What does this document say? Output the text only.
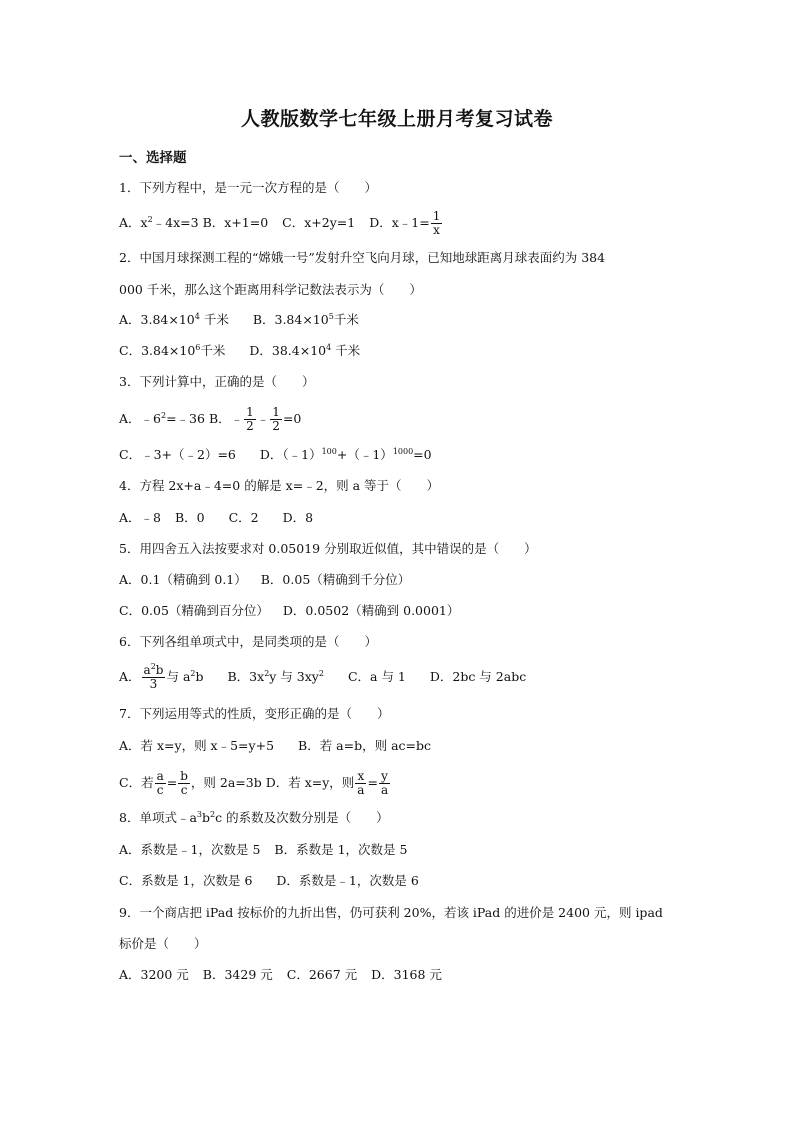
人教版数学七年级上册月考复习试卷
一、选择题
1．下列方程中，是一元一次方程的是（　　）
A．$x^2﹣4x=3$ B．x+1=0 C．x+2y=1 D．x﹣1= $\frac{1}{x}$
2．中国月球探测工程的“嫦娥一号”发射升空飞向月球，已知地球距离月球表面约为 384
000 千米，那么这个距离用科学记数法表示为（　　）
A．$3.84\times 10^4$ 千米 B．$3.84\times 10^5$千米
C．$3.84\times 10^6$千米 D．$38.4\times 10^4$ 千米
3．下列计算中，正确的是（　　）
A．$﹣6^2=﹣36$ B．﹣ $\frac{1}{2}$ ﹣ $\frac{1}{2} =0$
C．﹣3+（﹣2）=6 D．（﹣1）$^{100}$+（﹣1）$^{1000}$=0
4．方程 2x+a﹣4=0 的解是 x=﹣2，则 a 等于（　　）
A．﹣8 B．0 C．2 D．8
5．用四舍五入法按要求对 0.05019 分别取近似值，其中错误的是（　　）
A．0.1（精确到 0.1） B．0.05（精确到千分位）
C．0.05（精确到百分位） D．0.0502（精确到 0.0001）
6．下列各组单项式中，是同类项的是（　　）
A． $\frac{a^2b}{3}$ 与 $a^2b$ B．$3x^2y$ 与 $3xy^2$ C．a 与 1 D．2bc 与 2abc
7．下列运用等式的性质，变形正确的是（　　）
A．若 x=y，则 x﹣5=y+5 B．若 a=b，则 ac=bc
C．若 $\frac{a}{c} = \frac{b}{c}$ ，则 2a=3b D．若 x=y，则 $\frac{x}{a} = \frac{y}{a}$
8．单项式$﹣a^3b^2c$ 的系数及次数分别是（　　）
A．系数是﹣1，次数是 5 B．系数是 1，次数是 5
C．系数是 1，次数是 6 D．系数是﹣1，次数是 6
9．一个商店把 iPad 按标价的九折出售，仍可获利 20%，若该 iPad 的进价是 2400 元，则 ipad
标价是（　　）
A．3200 元 B．3429 元 C．2667 元 D．3168 元
